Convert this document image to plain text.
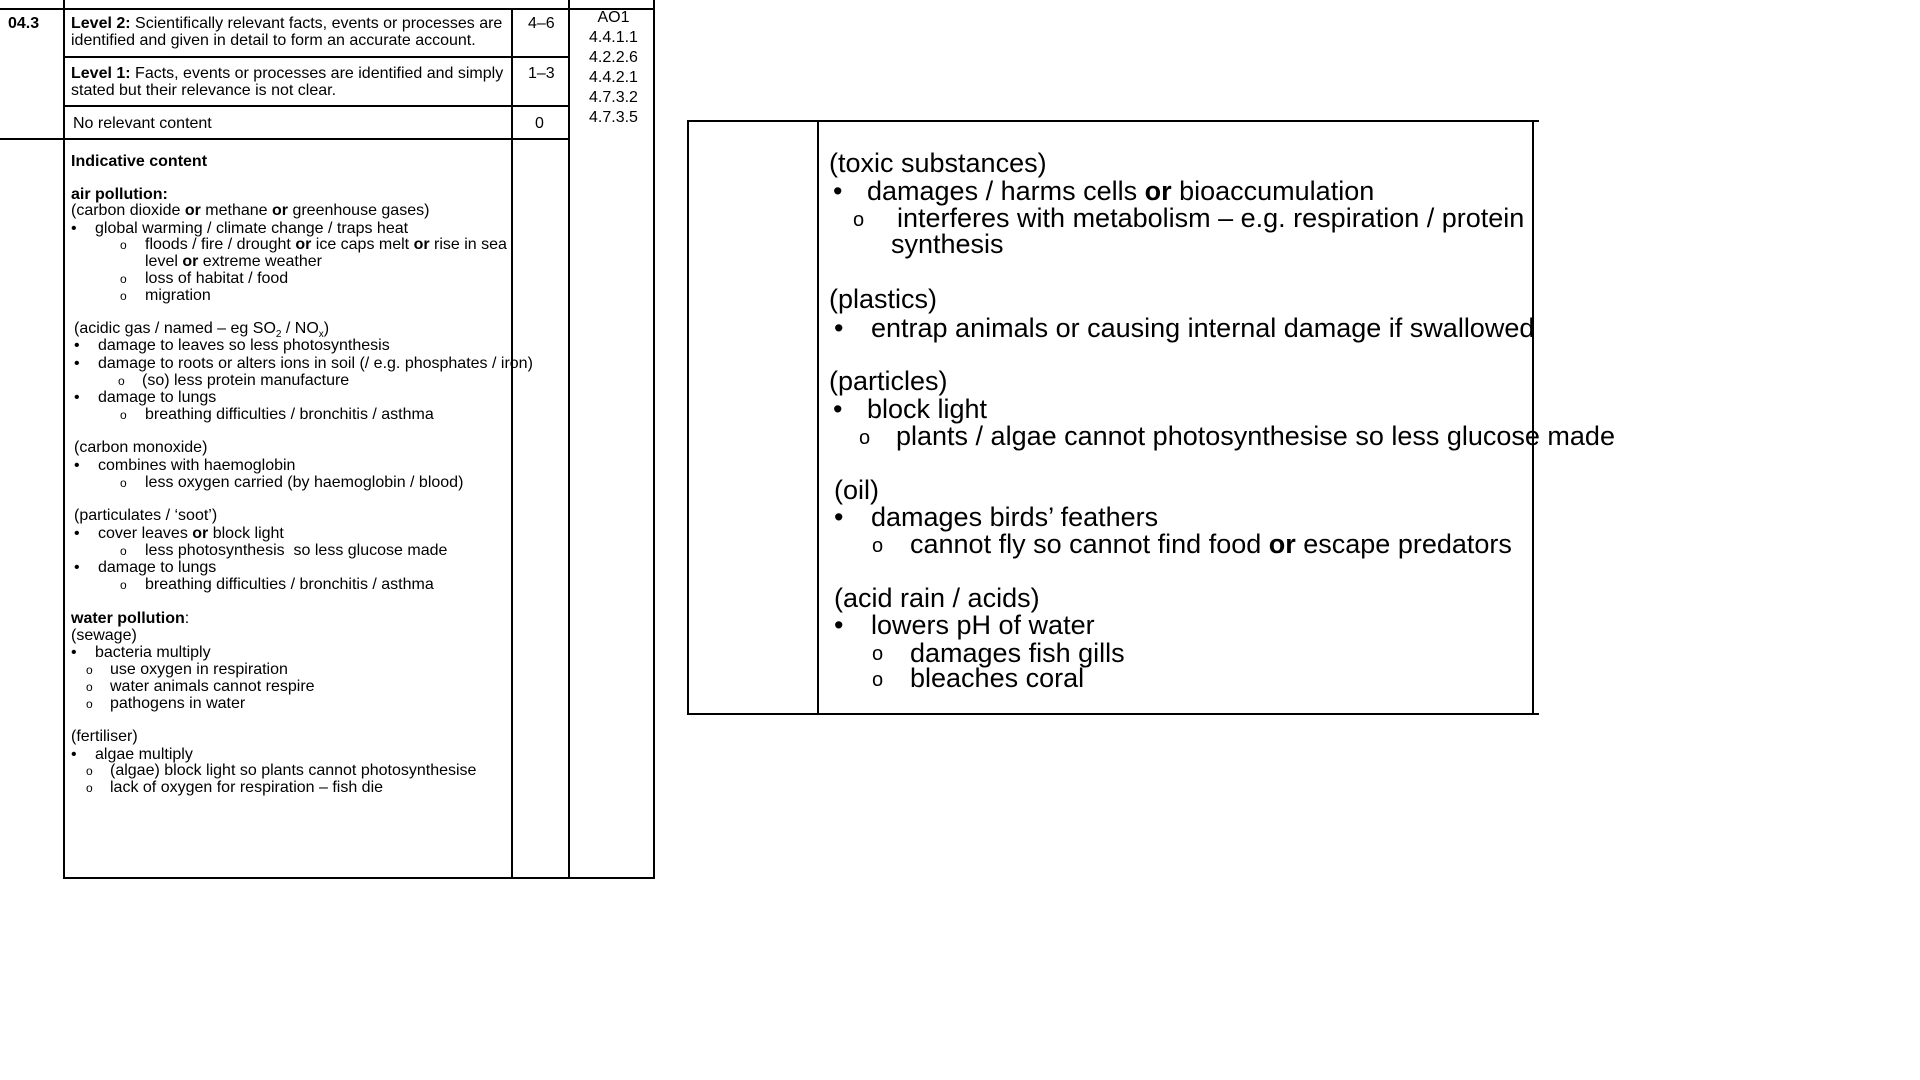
04.3 Level 2: Scientifically relevant facts, events or processes are
identified and given in detail to form an accurate account.
4–6
Level 1: Facts, events or processes are identified and simply
stated but their relevance is not clear.
1–3
No relevant content	0
AO1
4.4.1.1
4.2.2.6
4.4.2.1
4.7.3.2
4.7.3.5
Indicative content
air pollution:
(carbon dioxide or methane or greenhouse gases)
• global warming / climate change / traps heat
o floods / fire / drought or ice caps melt or rise in sea
level or extreme weather
o loss of habitat / food
o migration
(acidic gas / named – eg $SO_2 / NO_x$)
• damage to leaves so less photosynthesis
• damage to roots or alters ions in soil (/ e.g. phosphates / iron)
o (so) less protein manufacture
• damage to lungs
o breathing difficulties / bronchitis / asthma
(carbon monoxide)
• combines with haemoglobin
o less oxygen carried (by haemoglobin / blood)
(particulates / ‘soot’)
• cover leaves or block light
o less photosynthesis  so less glucose made
• damage to lungs
o breathing difficulties / bronchitis / asthma
water pollution:
(sewage)
• bacteria multiply
o use oxygen in respiration
o water animals cannot respire
o pathogens in water
(fertiliser)
• algae multiply
o (algae) block light so plants cannot photosynthesise
o lack of oxygen for respiration – fish die
(toxic substances)
• damages / harms cells or bioaccumulation
o interferes with metabolism – e.g. respiration / protein
synthesis
(plastics)
• entrap animals or causing internal damage if swallowed
(particles)
• block light
o plants / algae cannot photosynthesise so less glucose made
(oil)
• damages birds’ feathers
o cannot fly so cannot find food or escape predators
(acid rain / acids)
• lowers pH of water
o damages fish gills
o bleaches coral
